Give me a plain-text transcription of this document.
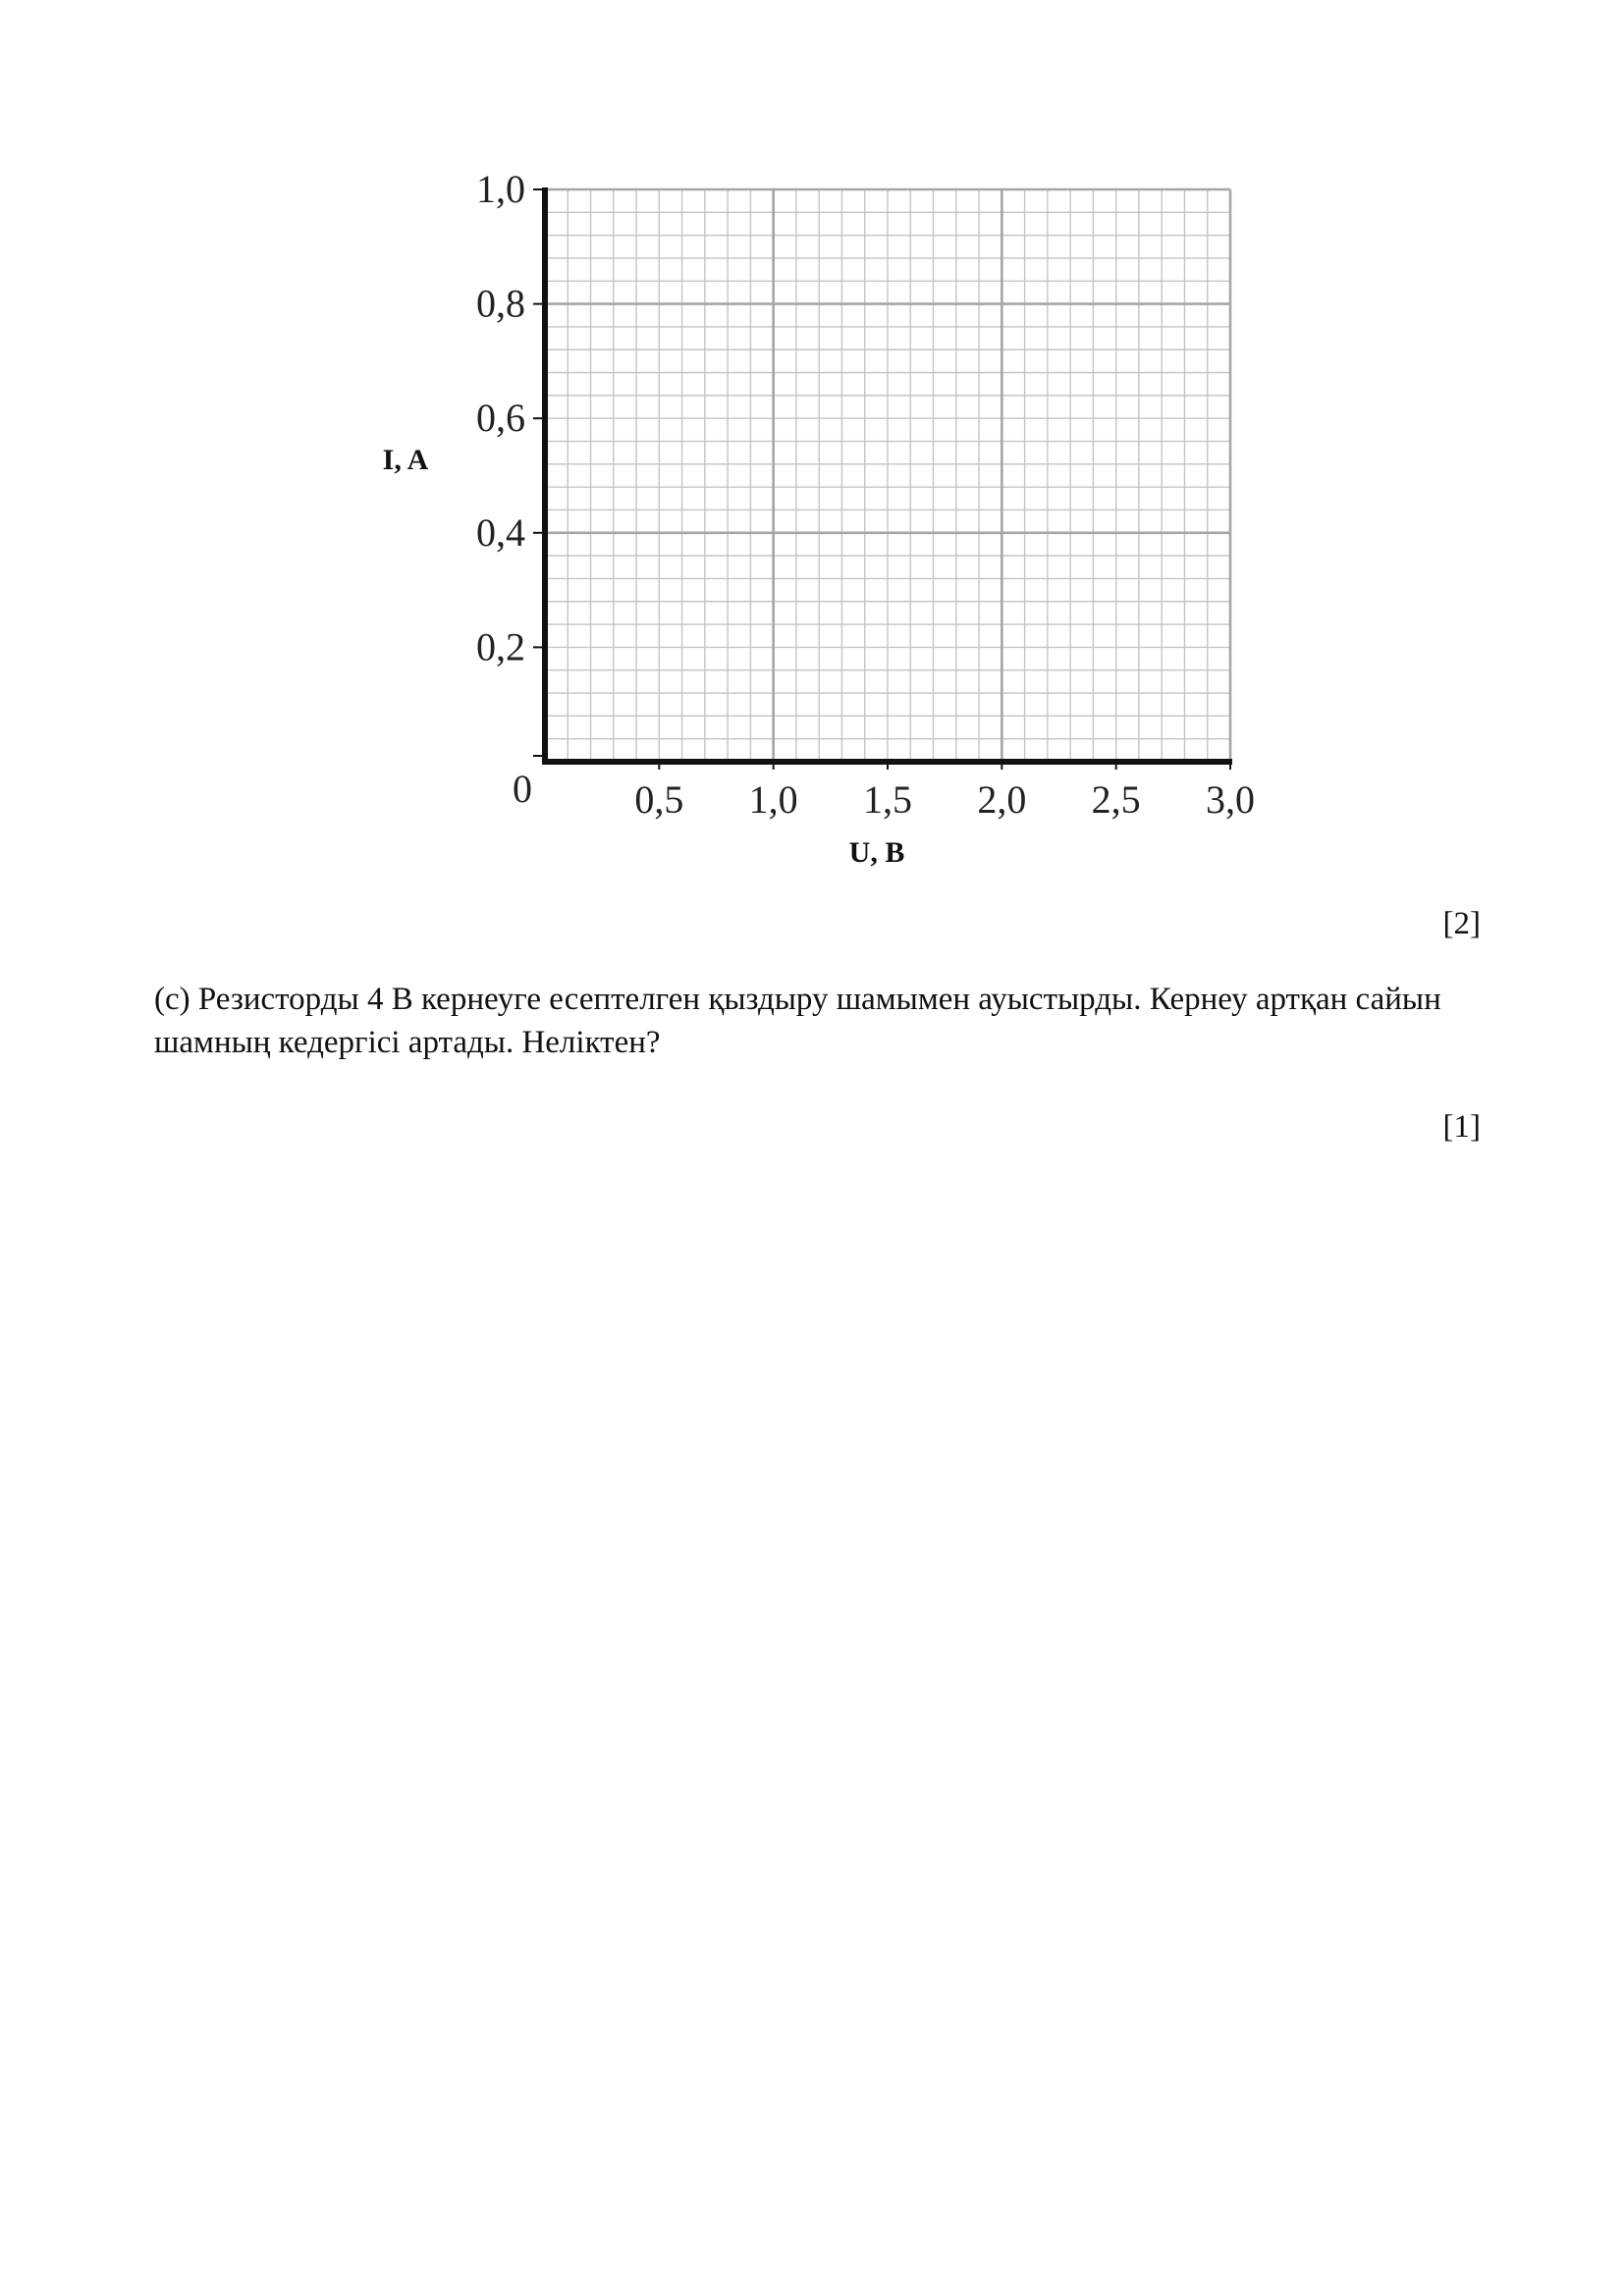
0,5 1,0 1,5 2,0 2,5 3,0
0,2
0,4
0,6
0,8
1,0
0
U, B
I, A
[2]
(c) Резисторды 4 В кернеуге есептелген қыздыру шамымен ауыстырды. Кернеу артқан сайын шамның кедергісі артады. Неліктен?
[1]
